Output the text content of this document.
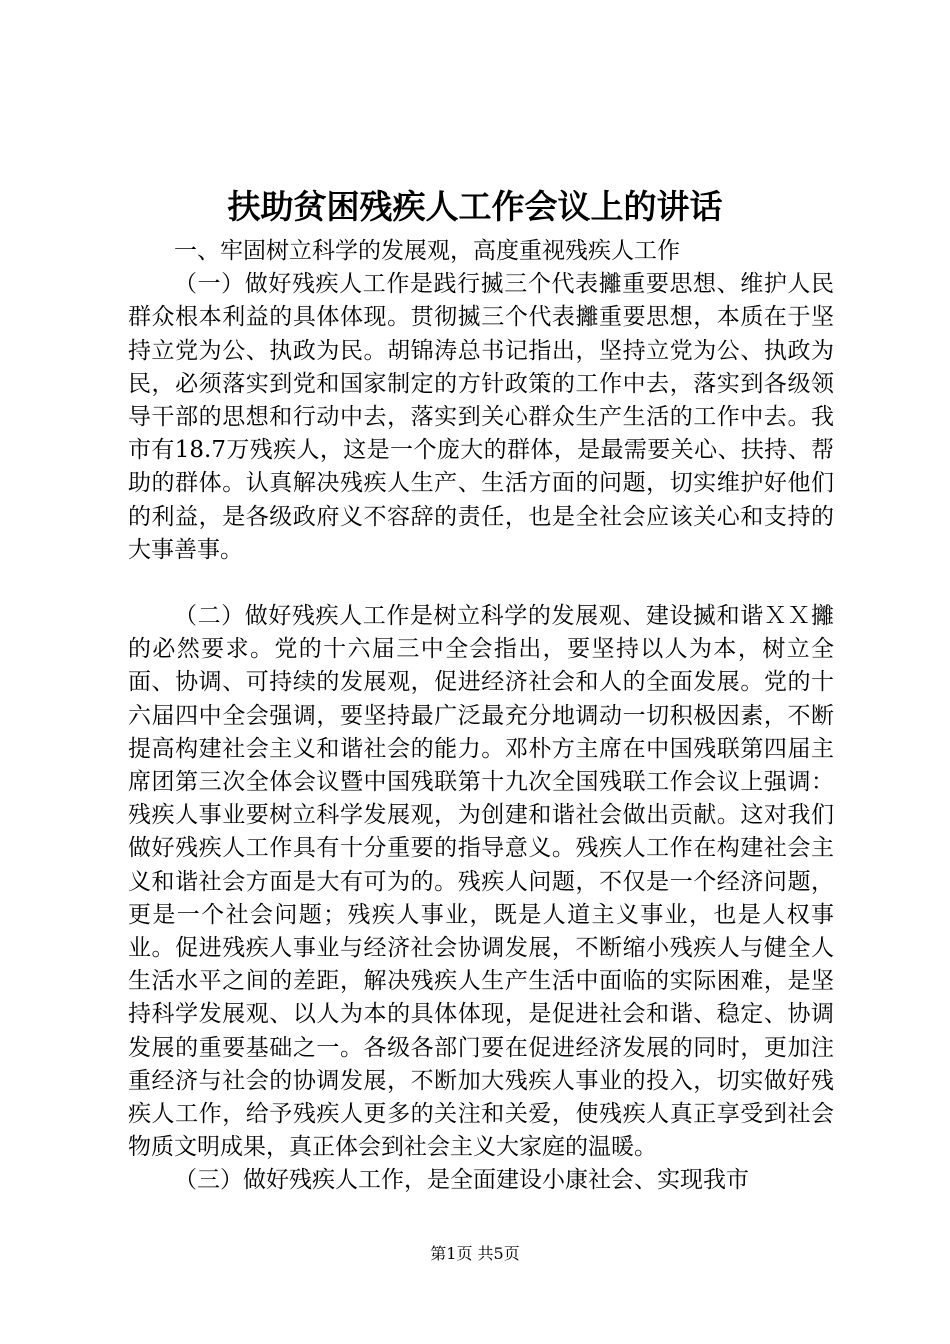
扶助贫困残疾人工作会议上的讲话

一、牢固树立科学的发展观，高度重视残疾人工作

（一）做好残疾人工作是践行揻三个代表攡重要思想、维护人民群众根本利益的具体体现。贯彻揻三个代表攡重要思想，本质在于坚持立党为公、执政为民。胡锦涛总书记指出，坚持立党为公、执政为民，必须落实到党和国家制定的方针政策的工作中去，落实到各级领导干部的思想和行动中去，落实到关心群众生产生活的工作中去。我市有18.7万残疾人，这是一个庞大的群体，是最需要关心、扶持、帮助的群体。认真解决残疾人生产、生活方面的问题，切实维护好他们的利益，是各级政府义不容辞的责任，也是全社会应该关心和支持的大事善事。

（二）做好残疾人工作是树立科学的发展观、建设揻和谐ＸＸ攡的必然要求。党的十六届三中全会指出，要坚持以人为本，树立全面、协调、可持续的发展观，促进经济社会和人的全面发展。党的十六届四中全会强调，要坚持最广泛最充分地调动一切积极因素，不断提高构建社会主义和谐社会的能力。邓朴方主席在中国残联第四届主席团第三次全体会议暨中国残联第十九次全国残联工作会议上强调：残疾人事业要树立科学发展观，为创建和谐社会做出贡献。这对我们做好残疾人工作具有十分重要的指导意义。残疾人工作在构建社会主义和谐社会方面是大有可为的。残疾人问题，不仅是一个经济问题，更是一个社会问题；残疾人事业，既是人道主义事业，也是人权事业。促进残疾人事业与经济社会协调发展，不断缩小残疾人与健全人生活水平之间的差距，解决残疾人生产生活中面临的实际困难，是坚持科学发展观、以人为本的具体体现，是促进社会和谐、稳定、协调发展的重要基础之一。各级各部门要在促进经济发展的同时，更加注重经济与社会的协调发展，不断加大残疾人事业的投入，切实做好残疾人工作，给予残疾人更多的关注和关爱，使残疾人真正享受到社会物质文明成果，真正体会到社会主义大家庭的温暖。

（三）做好残疾人工作，是全面建设小康社会、实现我市

第1页 共5页
